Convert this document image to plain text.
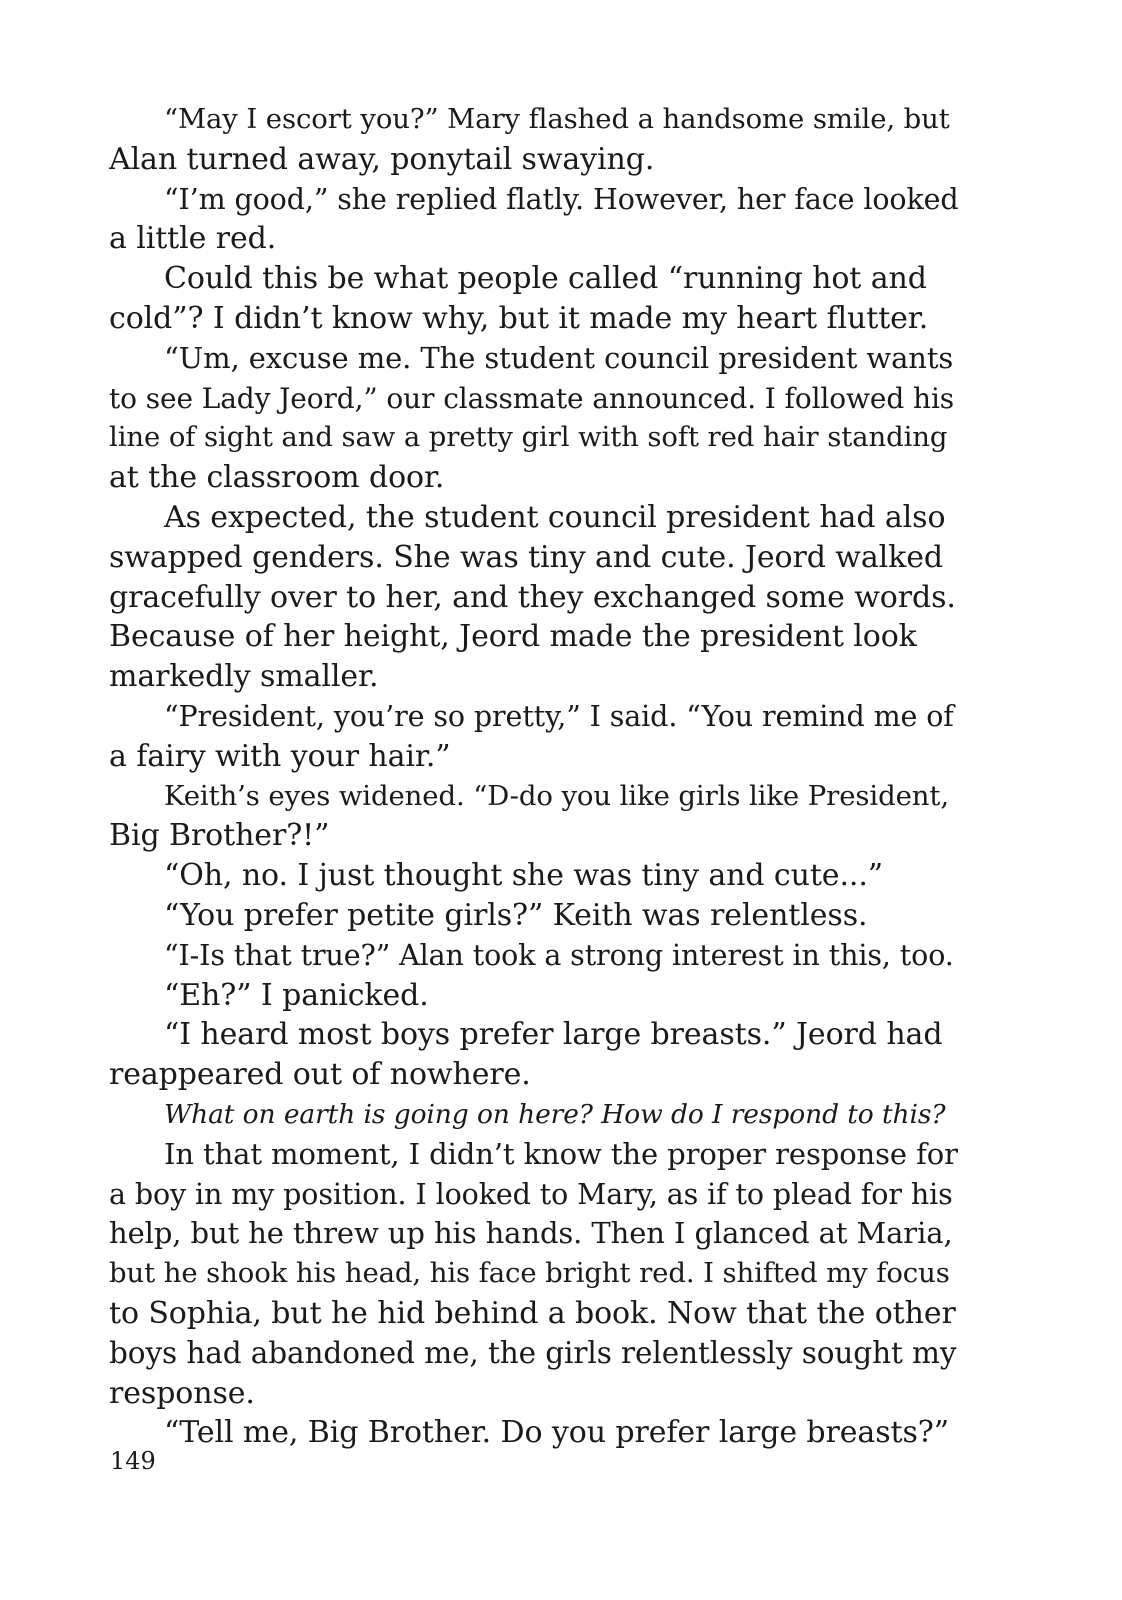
“May I escort you?” Mary flashed a handsome smile, but
Alan turned away, ponytail swaying.
“I’m good,” she replied flatly. However, her face looked
a little red.
Could this be what people called “running hot and
cold”? I didn’t know why, but it made my heart flutter.
“Um, excuse me. The student council president wants
to see Lady Jeord,” our classmate announced. I followed his
line of sight and saw a pretty girl with soft red hair standing
at the classroom door.
As expected, the student council president had also
swapped genders. She was tiny and cute. Jeord walked
gracefully over to her, and they exchanged some words.
Because of her height, Jeord made the president look
markedly smaller.
“President, you’re so pretty,” I said. “You remind me of
a fairy with your hair.”
Keith’s eyes widened. “D-do you like girls like President,
Big Brother?!”
“Oh, no. I just thought she was tiny and cute...”
“You prefer petite girls?” Keith was relentless.
“I-Is that true?” Alan took a strong interest in this, too.
“Eh?” I panicked.
“I heard most boys prefer large breasts.” Jeord had
reappeared out of nowhere.
What on earth is going on here? How do I respond to this?
In that moment, I didn’t know the proper response for
a boy in my position. I looked to Mary, as if to plead for his
help, but he threw up his hands. Then I glanced at Maria,
but he shook his head, his face bright red. I shifted my focus
to Sophia, but he hid behind a book. Now that the other
boys had abandoned me, the girls relentlessly sought my
response.
“Tell me, Big Brother. Do you prefer large breasts?”
149
